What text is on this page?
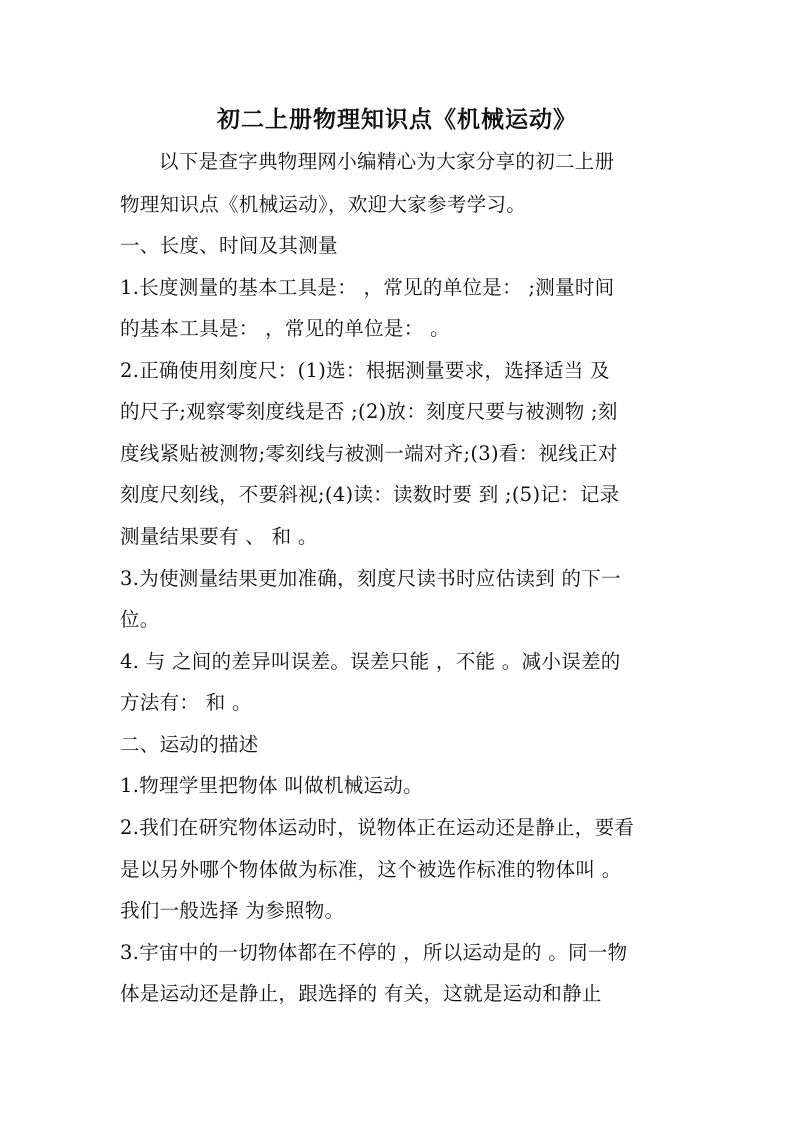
初二上册物理知识点《机械运动》
以下是查字典物理网小编精心为大家分享的初二上册
物理知识点《机械运动》，欢迎大家参考学习。
一、长度、时间及其测量
1.长度测量的基本工具是： ，常见的单位是： ;测量时间
的基本工具是： ，常见的单位是： 。
2.正确使用刻度尺：(1)选：根据测量要求，选择适当 及
的尺子;观察零刻度线是否 ;(2)放：刻度尺要与被测物 ;刻
度线紧贴被测物;零刻线与被测一端对齐;(3)看：视线正对
刻度尺刻线，不要斜视;(4)读：读数时要 到 ;(5)记：记录
测量结果要有 、 和 。
3.为使测量结果更加准确，刻度尺读书时应估读到 的下一
位。
4. 与 之间的差异叫误差。误差只能 ，不能 。减小误差的
方法有： 和 。
二、运动的描述
1.物理学里把物体 叫做机械运动。
2.我们在研究物体运动时，说物体正在运动还是静止，要看
是以另外哪个物体做为标准，这个被选作标准的物体叫 。
我们一般选择 为参照物。
3.宇宙中的一切物体都在不停的 ，所以运动是的 。同一物
体是运动还是静止，跟选择的 有关，这就是运动和静止
